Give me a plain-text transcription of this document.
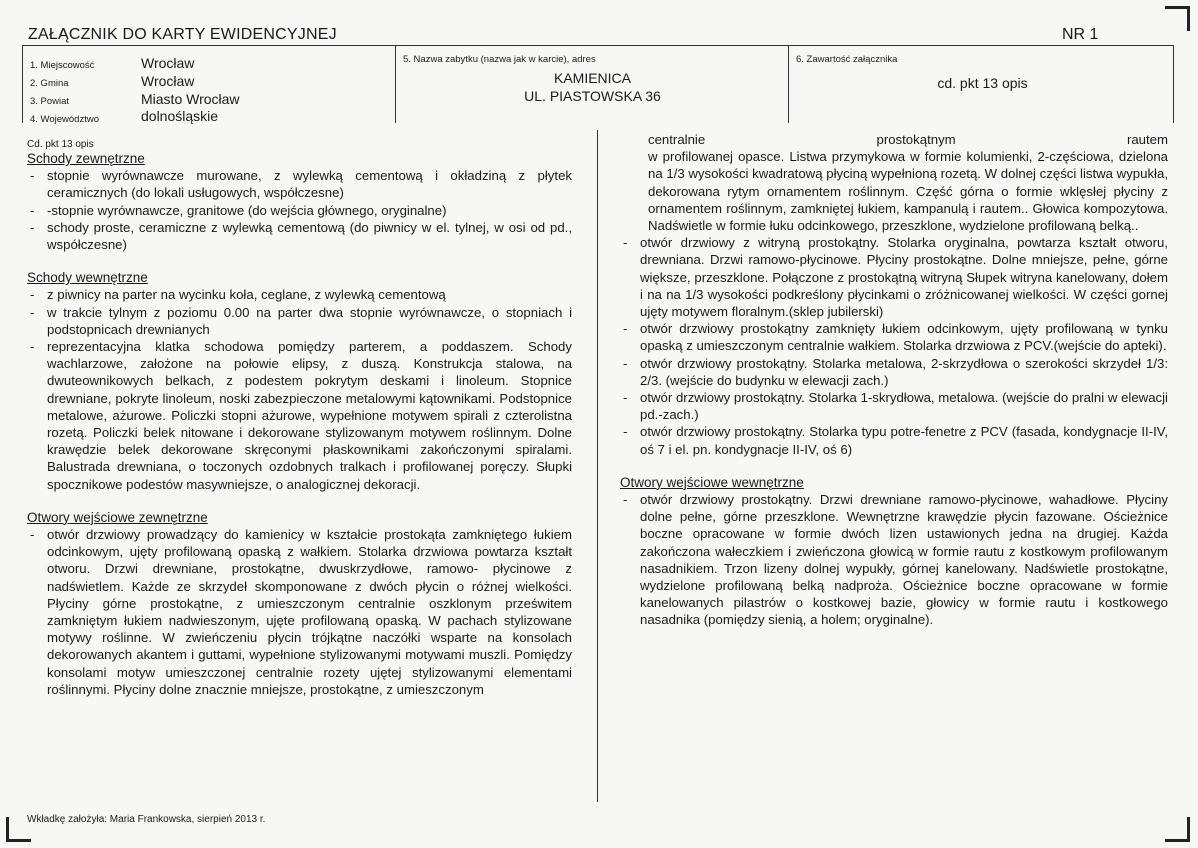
ZAŁĄCZNIK DO KARTY EWIDENCYJNEJ	NR 1
1. Miejscowość	Wrocław
2. Gmina	Wrocław
3. Powiat	Miasto Wrocław
4. Województwo	dolnośląskie
5. Nazwa zabytku (nazwa jak w karcie), adres
KAMIENICA
UL. PIASTOWSKA 36
6. Zawartość załącznika
cd. pkt 13 opis
Cd. pkt 13 opis
Schody zewnętrzne
- stopnie wyrównawcze murowane, z wylewką cementową i okładziną z płytek ceramicznych (do lokali usługowych, współczesne)
- -stopnie wyrównawcze, granitowe (do wejścia głównego, oryginalne)
- schody proste, ceramiczne z wylewką cementową (do piwnicy w el. tylnej, w osi od pd., współczesne)
Schody wewnętrzne
- z piwnicy na parter na wycinku koła, ceglane, z wylewką cementową
- w trakcie tylnym z poziomu 0.00 na parter dwa stopnie wyrównawcze, o stopniach i podstopnicach drewnianych
- reprezentacyjna klatka schodowa pomiędzy parterem, a poddaszem. Schody wachlarzowe, założone na połowie elipsy, z duszą. Konstrukcja stalowa, na dwuteownikowych belkach, z podestem pokrytym deskami i linoleum. Stopnice drewniane, pokryte linoleum, noski zabezpieczone metalowymi kątownikami. Podstopnice metalowe, ażurowe. Policzki stopni ażurowe, wypełnione motywem spirali z czterolistna rozetą. Policzki belek nitowane i dekorowane stylizowanym motywem roślinnym. Dolne krawędzie belek dekorowane skręconymi płaskownikami zakończonymi spiralami. Balustrada drewniana, o toczonych ozdobnych tralkach i profilowanej poręczy. Słupki spocznikowe podestów masywniejsze, o analogicznej dekoracji.
Otwory wejściowe zewnętrzne
- otwór drzwiowy prowadzący do kamienicy w kształcie prostokąta zamkniętego łukiem odcinkowym, ujęty profilowaną opaską z wałkiem. Stolarka drzwiowa powtarza kształt otworu. Drzwi drewniane, prostokątne, dwuskrzydłowe, ramowo- płycinowe z nadświetlem. Każde ze skrzydeł skomponowane z dwóch płycin o różnej wielkości. Płyciny górne prostokątne, z umieszczonym centralnie oszklonym prześwitem zamkniętym łukiem nadwieszonym, ujęte profilowaną opaską. W pachach stylizowane motywy roślinne. W zwieńczeniu płycin trójkątne naczółki wsparte na konsolach dekorowanych akantem i guttami, wypełnione stylizowanymi motywami muszli. Pomiędzy konsolami motyw umieszczonej centralnie rozety ujętej stylizowanymi elementami roślinnymi. Płyciny dolne znacznie mniejsze, prostokątne, z umieszczonym
centralnie prostokątnym rautem
w profilowanej opasce. Listwa przymykowa w formie kolumienki, 2-częściowa, dzielona na 1/3 wysokości kwadratową płyciną wypełnioną rozetą. W dolnej części listwa wypukła, dekorowana rytym ornamentem roślinnym. Część górna o formie wklęsłej płyciny z ornamentem roślinnym, zamkniętej łukiem, kampanulą i rautem.. Głowica kompozytowa. Nadświetle w formie łuku odcinkowego, przeszklone, wydzielone profilowaną belką..
- otwór drzwiowy z witryną prostokątny. Stolarka oryginalna, powtarza kształt otworu, drewniana. Drzwi ramowo-płycinowe. Płyciny prostokątne. Dolne mniejsze, pełne, górne większe, przeszklone. Połączone z prostokątną witryną Słupek witryna kanelowany, dołem i na na 1/3 wysokości podkreślony płycinkami o zróżnicowanej wielkości. W części gornej ujęty motywem floralnym.(sklep jubilerski)
- otwór drzwiowy prostokątny zamknięty łukiem odcinkowym, ujęty profilowaną w tynku opaską z umieszczonym centralnie wałkiem. Stolarka drzwiowa z PCV.(wejście do apteki).
- otwór drzwiowy prostokątny. Stolarka metalowa, 2-skrzydłowa o szerokości skrzydeł 1/3: 2/3. (wejście do budynku w elewacji zach.)
- otwór drzwiowy prostokątny. Stolarka 1-skrydłowa, metalowa. (wejście do pralni w elewacji pd.-zach.)
- otwór drzwiowy prostokątny. Stolarka typu potre-fenetre z PCV (fasada, kondygnacje II-IV, oś 7 i el. pn. kondygnacje II-IV, oś 6)
Otwory wejściowe wewnętrzne
- otwór drzwiowy prostokątny. Drzwi drewniane ramowo-płycinowe, wahadłowe. Płyciny dolne pełne, górne przeszklone. Wewnętrzne krawędzie płycin fazowane. Ościeżnice boczne opracowane w formie dwóch lizen ustawionych jedna na drugiej. Każda zakończona wałeczkiem i zwieńczona głowicą w formie rautu z kostkowym profilowanym nasadnikiem. Trzon lizeny dolnej wypukły, górnej kanelowany. Nadświetle prostokątne, wydzielone profilowaną belką nadproża. Ościeżnice boczne opracowane w formie kanelowanych pilastrów o kostkowej bazie, głowicy w formie rautu i kostkowego nasadnika (pomiędzy sienią, a holem; oryginalne).
Wkładkę założyła: Maria Frankowska, sierpień 2013 r.
